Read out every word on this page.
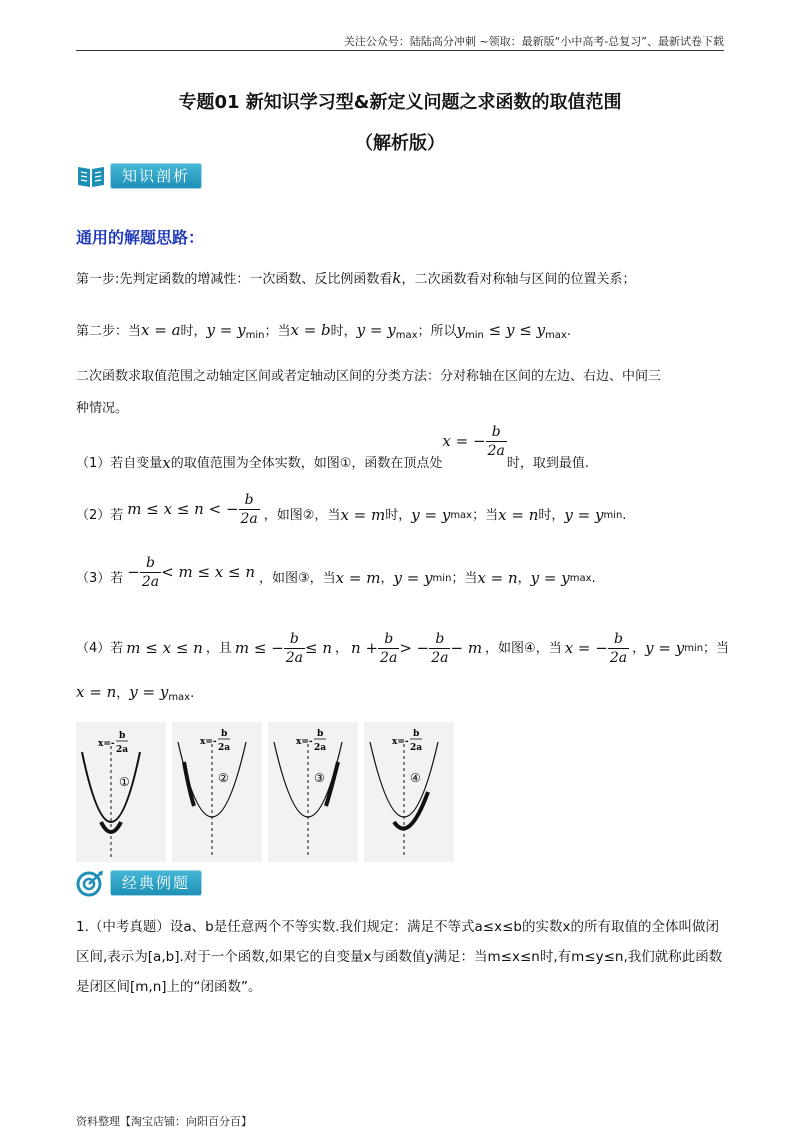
关注公众号：陆陆高分冲刺 ~领取：最新版“小中高考-总复习”、最新试卷下载
专题01 新知识学习型&新定义问题之求函数的取值范围
（解析版）
知识剖析
通用的解题思路：
第一步:先判定函数的增减性：一次函数、反比例函数看k，二次函数看对称轴与区间的位置关系；
第二步：当x = a时，$y = y_{min}$；当x = b时，$y = y_{max}$；所以$y_{min} \le y \le y_{max}$.
二次函数求取值范围之动轴定区间或者定轴动区间的分类方法：分对称轴在区间的左边、右边、中间三
种情况。
（1）若自变量 x 的取值范围为全体实数，如图①，函数在顶点处
x = − $\frac{b}{2a}$
时，取到最值.
（2）若 m ≤ x ≤ n < − $\frac{b}{2a}$ ，如图②，当 x = m 时， y = y max ；当 x = n 时， y = y min .
（3）若 − $\frac{b}{2a} < m \le x \le n$ ，如图③，当 x = m ， y = y min ；当 x = n ， y = y max .
（4）若 m ≤ x ≤ n ，且 m ≤ − $\frac{b}{2a} \le n$ ， $n + \frac{b}{2a}$ > − $\frac{b}{2a} - m$ ，如图④，当 x = − $\frac{b}{2a}$ ， y = y min ；当
x = n，$y = y_{max}$.
x=-
b
2a
①
x=-
b
2a
②
x=-
b
2a
③
x=-
b
2a
④
经典例题
1.（中考真题）设a、b是任意两个不等实数.我们规定：满足不等式a≤x≤b的实数x的所有取值的全体叫做闭区间,表示为[a,b].对于一个函数,如果它的自变量x与函数值y满足：当m≤x≤n时,有m≤y≤n,我们就称此函数是闭区间[m,n]上的“闭函数”。
资料整理【淘宝店铺：向阳百分百】
